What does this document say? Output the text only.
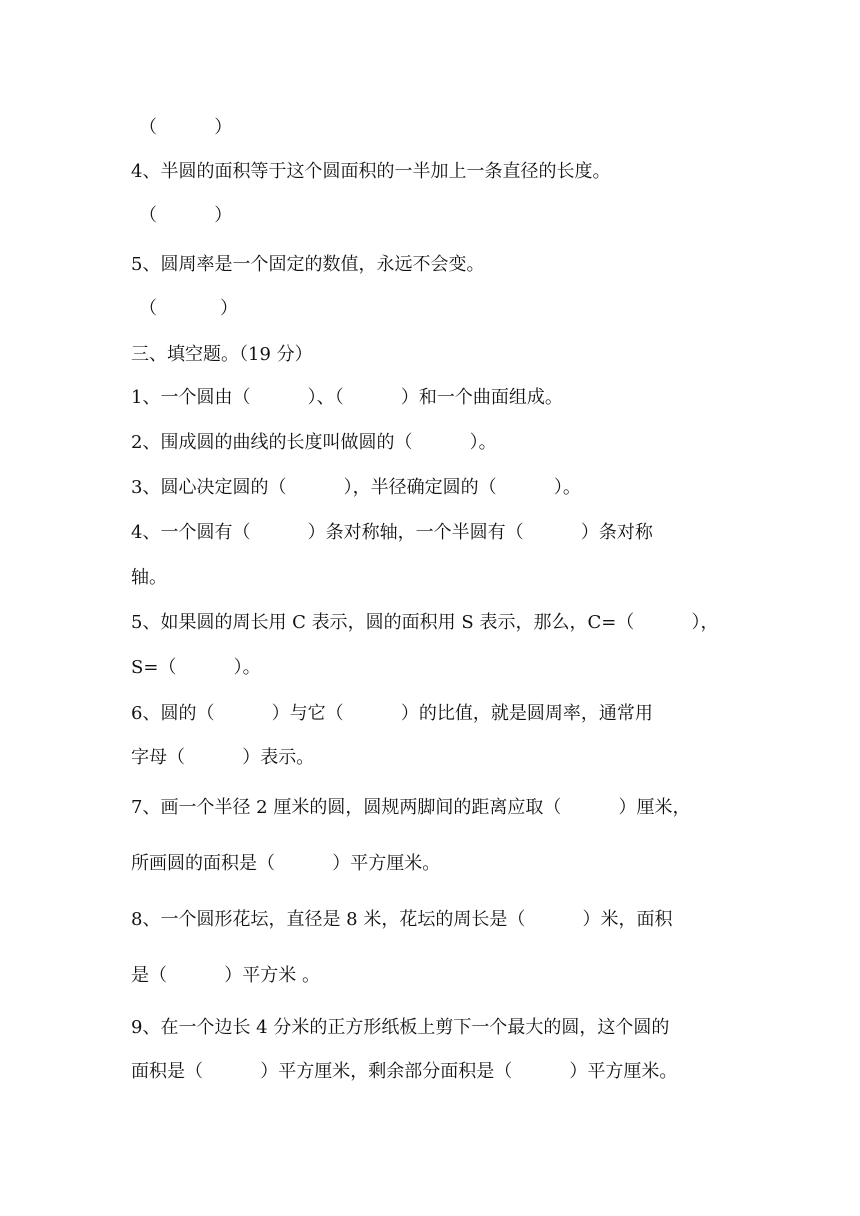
（          ）
4、半圆的面积等于这个圆面积的一半加上一条直径的长度。
（          ）
5、圆周率是一个固定的数值，永远不会变。
（           ）
三、填空题。（19 分）
1、一个圆由（          ）、（          ）和一个曲面组成。
2、围成圆的曲线的长度叫做圆的（          ）。
3、圆心决定圆的（          ），半径确定圆的（          ）。
4、一个圆有（          ）条对称轴，一个半圆有（          ）条对称
轴。
5、如果圆的周长用 C 表示，圆的面积用 S 表示，那么，C=（          ），
S=（          ）。
6、圆的（          ）与它（          ）的比值，就是圆周率，通常用
字母（          ）表示。
7、画一个半径 2 厘米的圆，圆规两脚间的距离应取（          ）厘米，
所画圆的面积是（          ）平方厘米。
8、一个圆形花坛，直径是 8 米，花坛的周长是（          ）米，面积
是（          ）平方米 。
9、在一个边长 4 分米的正方形纸板上剪下一个最大的圆，这个圆的
面积是（          ）平方厘米，剩余部分面积是（          ）平方厘米。
